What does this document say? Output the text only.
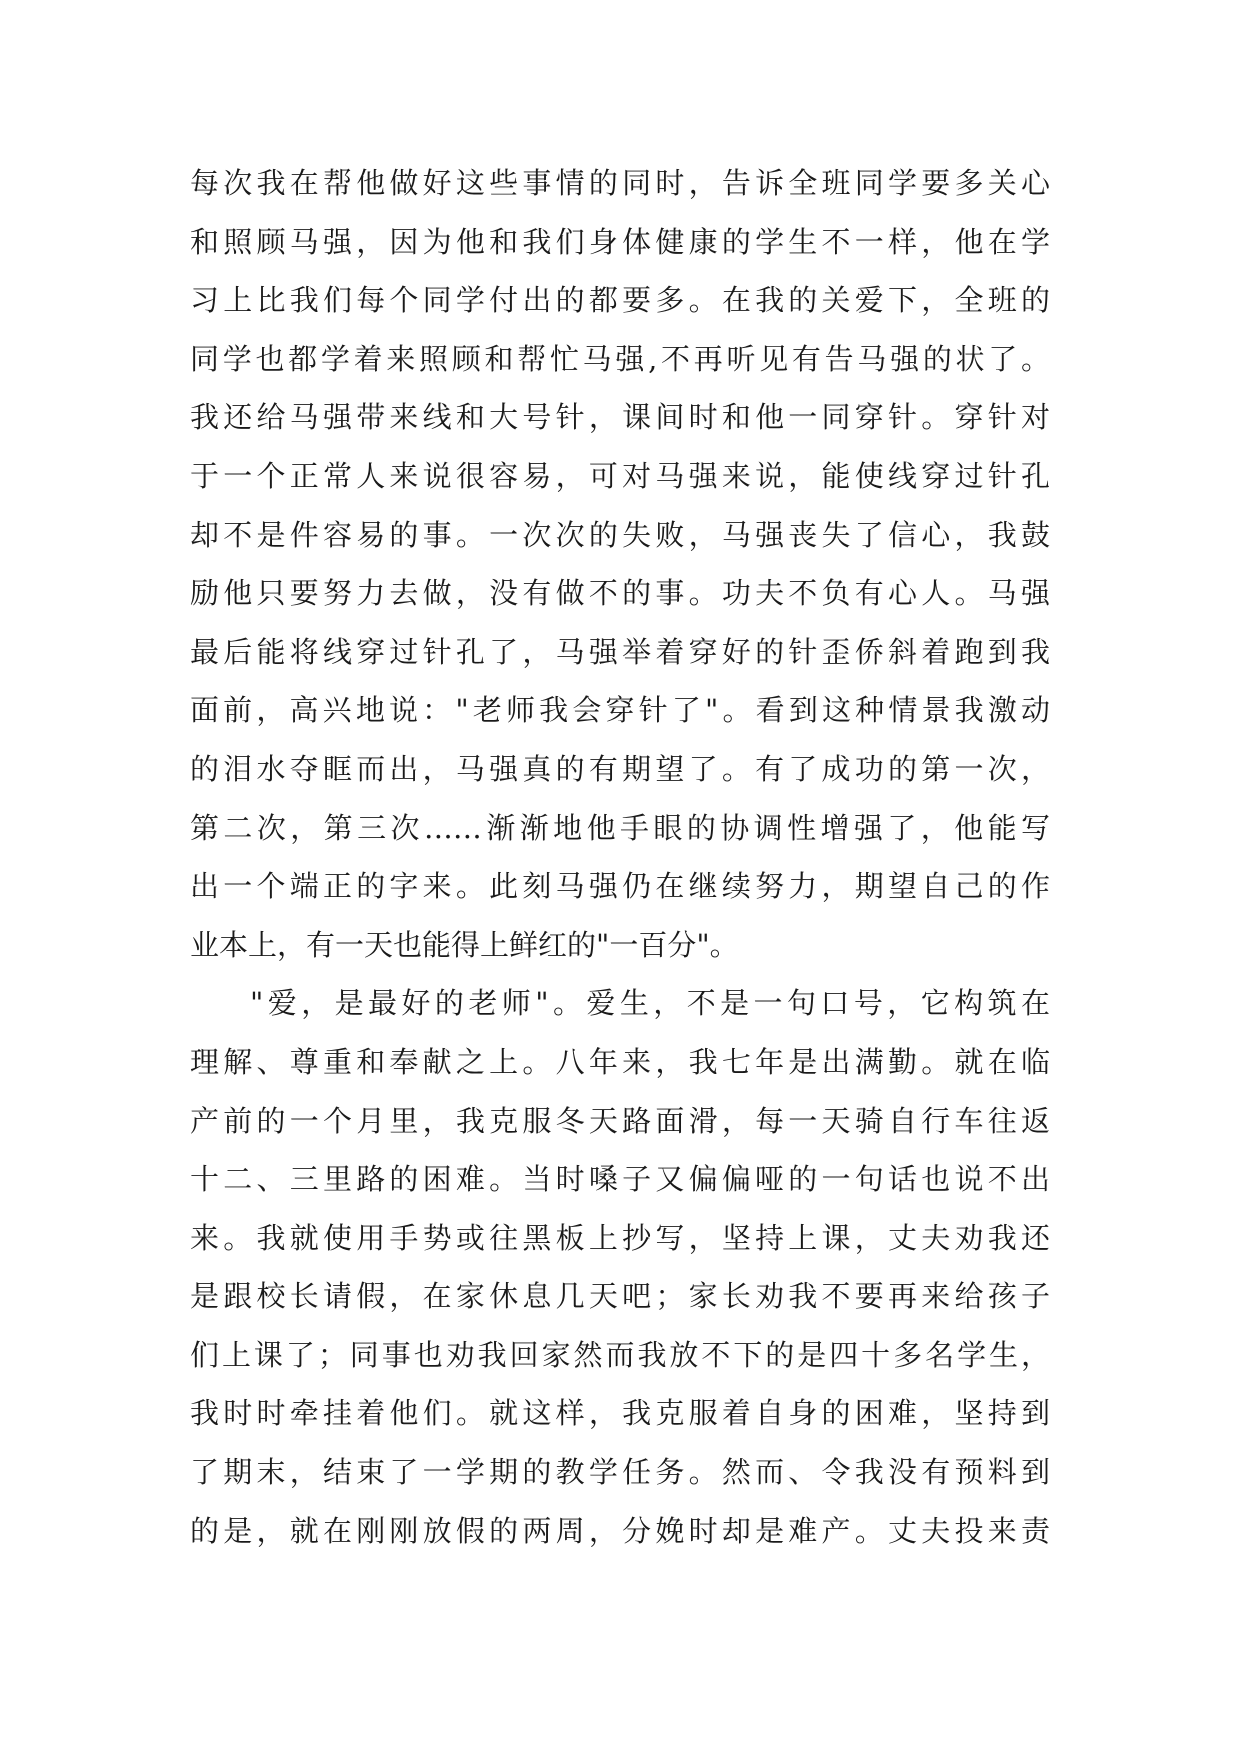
每次我在帮他做好这些事情的同时，告诉全班同学要多关心
和照顾马强，因为他和我们身体健康的学生不一样，他在学
习上比我们每个同学付出的都要多。在我的关爱下，全班的
同学也都学着来照顾和帮忙马强,不再听见有告马强的状了。
我还给马强带来线和大号针，课间时和他一同穿针。穿针对
于一个正常人来说很容易，可对马强来说，能使线穿过针孔
却不是件容易的事。一次次的失败，马强丧失了信心，我鼓
励他只要努力去做，没有做不的事。功夫不负有心人。马强
最后能将线穿过针孔了，马强举着穿好的针歪侨斜着跑到我
面前，高兴地说："老师我会穿针了"。看到这种情景我激动
的泪水夺眶而出，马强真的有期望了。有了成功的第一次，
第二次，第三次……渐渐地他手眼的协调性增强了，他能写
出一个端正的字来。此刻马强仍在继续努力，期望自己的作
业本上，有一天也能得上鲜红的"一百分"。
"爱，是最好的老师"。爱生，不是一句口号，它构筑在
理解、尊重和奉献之上。八年来，我七年是出满勤。就在临
产前的一个月里，我克服冬天路面滑，每一天骑自行车往返
十二、三里路的困难。当时嗓子又偏偏哑的一句话也说不出
来。我就使用手势或往黑板上抄写，坚持上课，丈夫劝我还
是跟校长请假，在家休息几天吧；家长劝我不要再来给孩子
们上课了；同事也劝我回家然而我放不下的是四十多名学生，
我时时牵挂着他们。就这样，我克服着自身的困难，坚持到
了期末，结束了一学期的教学任务。然而、令我没有预料到
的是，就在刚刚放假的两周，分娩时却是难产。丈夫投来责
